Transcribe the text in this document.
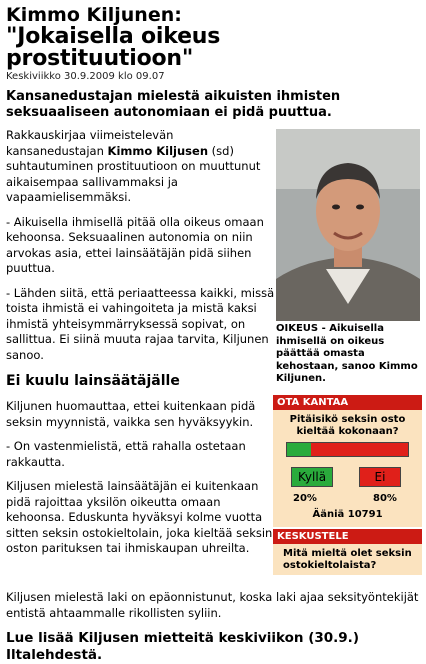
Kimmo Kiljunen:
"Jokaisella oikeus
prostituutioon"
Keskiviikko 30.9.2009 klo 09.07
Kansanedustajan mielestä aikuisten ihmisten seksuaaliseen autonomiaan ei pidä puuttua.

Rakkauskirjaa viimeistelevän
kansanedustajan Kimmo Kiljusen (sd) suhtautuminen prostituutioon on muuttunut aikaisempaa sallivammaksi ja vapaamielisemmäksi.

- Aikuisella ihmisellä pitää olla oikeus omaan kehoonsa. Seksuaalinen autonomia on niin arvokas asia, ettei lainsäätäjän pidä siihen puuttua.

- Lähden siitä, että periaatteessa kaikki, missä toista ihmistä ei vahingoiteta ja mistä kaksi ihmistä yhteisymmärryksessä sopivat, on sallittua. Ei siinä muuta rajaa tarvita, Kiljunen sanoo.

Ei kuulu lainsäätäjälle

Kiljunen huomauttaa, ettei kuitenkaan pidä seksin myynnistä, vaikka sen hyväksyykin.

- On vastenmielistä, että rahalla ostetaan rakkautta.

Kiljusen mielestä lainsäätäjän ei kuitenkaan pidä rajoittaa yksilön oikeutta omaan kehoonsa. Eduskunta hyväksyi kolme vuotta sitten seksin ostokieltolain, joka kieltää seksin oston parituksen tai ihmiskaupan uhreilta.

OIKEUS - Aikuisella ihmisellä on oikeus päättää omasta kehostaan, sanoo Kimmo Kiljunen.
OTA KANTAA
Pitäisikö seksin osto kieltää kokonaan?
Kyllä	Ei
20%	80%
Ääniä 10791
KESKUSTELE
Mitä mieltä olet seksin ostokieltolaista?

Kiljusen mielestä laki on epäonnistunut, koska laki ajaa seksityöntekijät entistä ahtaammalle rikollisten syliin.

Lue lisää Kiljusen mietteitä keskiviikon (30.9.) Iltalehdestä.
